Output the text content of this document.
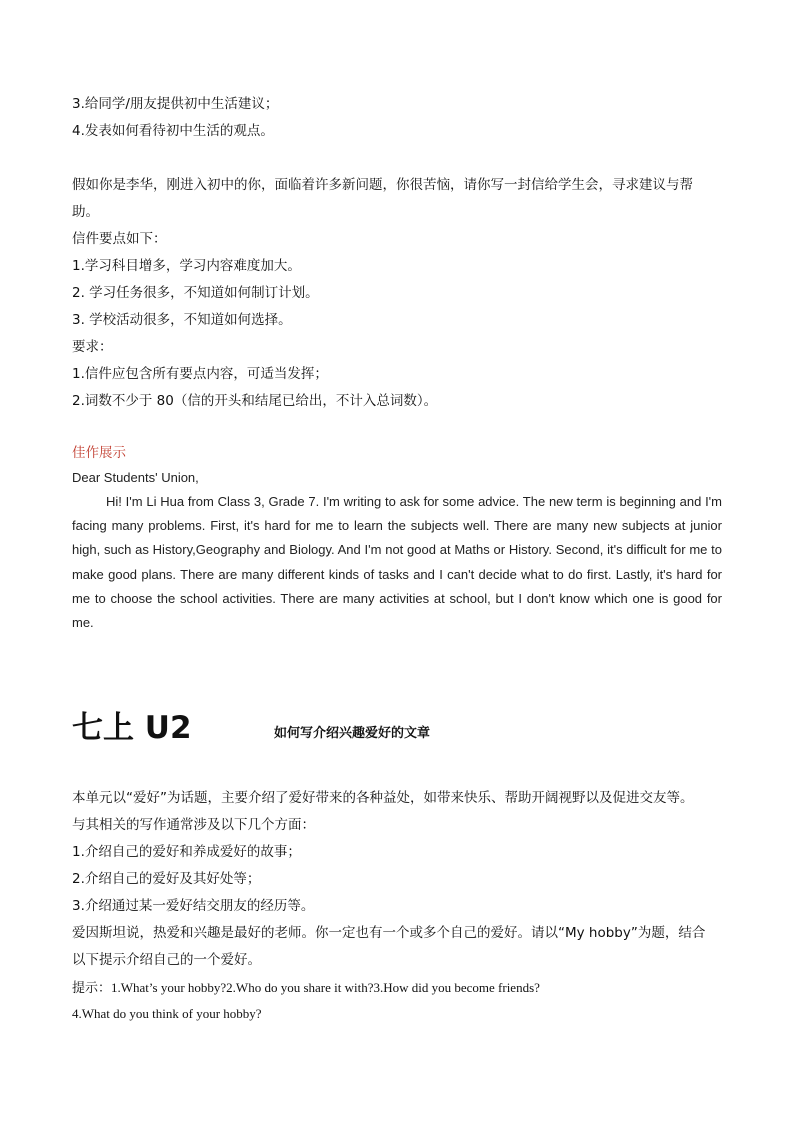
3.给同学/朋友提供初中生活建议；
4.发表如何看待初中生活的观点。
假如你是李华，刚进入初中的你，面临着许多新问题，你很苦恼，请你写一封信给学生会，寻求建议与帮
助。
信件要点如下：
1.学习科目增多，学习内容难度加大。
2. 学习任务很多，不知道如何制订计划。
3. 学校活动很多，不知道如何选择。
要求：
1.信件应包含所有要点内容，可适当发挥；
2.词数不少于 80（信的开头和结尾已给出，不计入总词数）。
佳作展示
Dear Students' Union,

Hi! I'm Li Hua from Class 3, Grade 7. I'm writing to ask for some advice. The new term is beginning and I'm facing many problems. First, it's hard for me to learn the subjects well. There are many new subjects at junior high, such as History,Geography and Biology. And I'm not good at Maths or History. Second, it's difficult for me to make good plans. There are many different kinds of tasks and I can't decide what to do first. Lastly, it's hard for me to choose the school activities. There are many activities at school, but I don't know which one is good for me.

七上 U2	如何写介绍兴趣爱好的文章
本单元以“爱好”为话题，主要介绍了爱好带来的各种益处，如带来快乐、帮助开阔视野以及促进交友等。
与其相关的写作通常涉及以下几个方面：
1.介绍自己的爱好和养成爱好的故事；
2.介绍自己的爱好及其好处等；
3.介绍通过某一爱好结交朋友的经历等。
爱因斯坦说，热爱和兴趣是最好的老师。你一定也有一个或多个自己的爱好。请以“My hobby”为题，结合
以下提示介绍自己的一个爱好。
提示：1.What’s your hobby?2.Who do you share it with?3.How did you become friends?
4.What do you think of your hobby?
